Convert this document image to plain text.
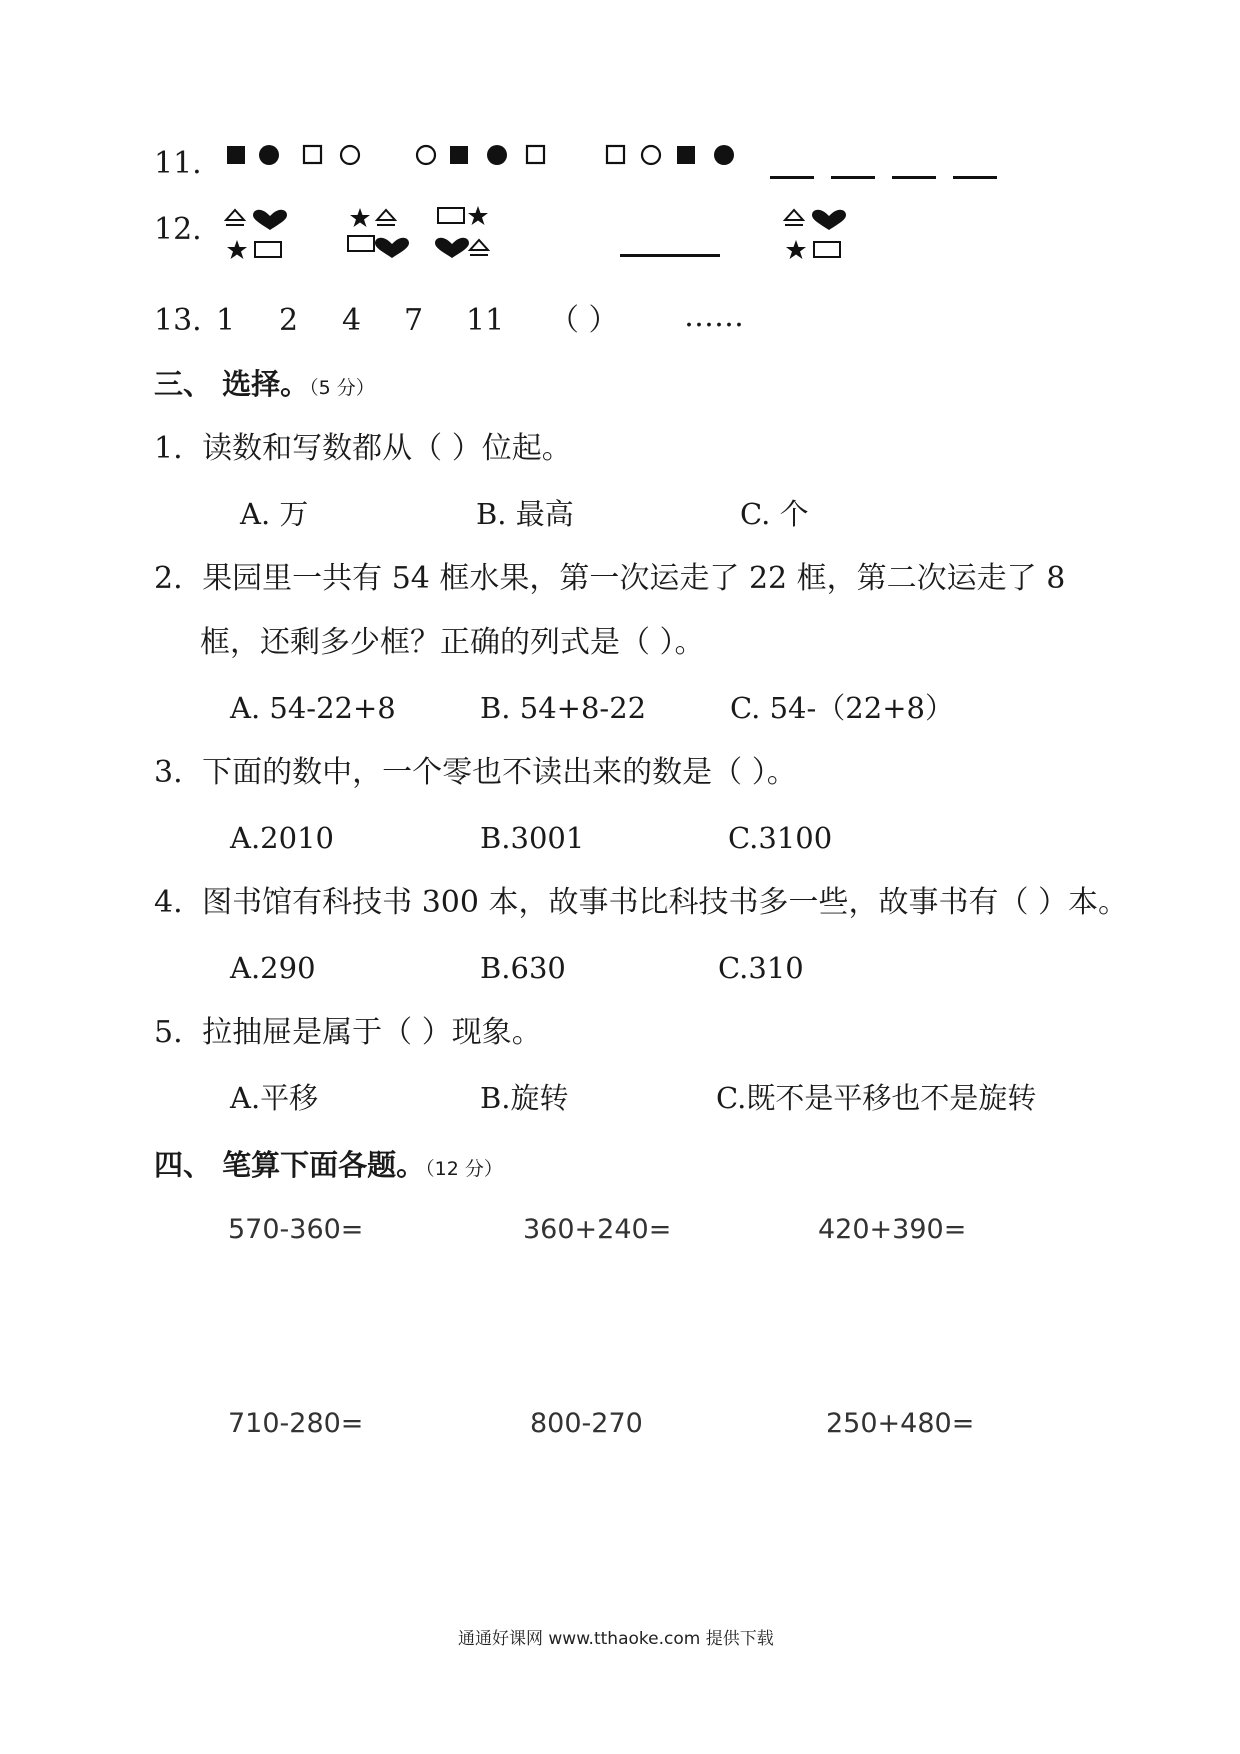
11.
12.
13. 1 2 4 7 11 （ ） ……
三、 选择。（5 分）
1. 读数和写数都从（ ）位起。
A. 万	B. 最高	C. 个
2. 果园里一共有 54 框水果，第一次运走了 22 框，第二次运走了 8
框，还剩多少框？正确的列式是（ ）。
A. 54-22+8	B. 54+8-22	C. 54-（22+8）
3. 下面的数中，一个零也不读出来的数是（ ）。
A.2010	B.3001	C.3100
4. 图书馆有科技书 300 本，故事书比科技书多一些，故事书有（ ）本。
A.290	B.630	C.310
5. 拉抽屉是属于（ ）现象。
A.平移	B.旋转	C.既不是平移也不是旋转
四、 笔算下面各题。（12 分）
570-360=	360+240=	420+390=
710-280=	800-270	250+480=
通通好课网 www.tthaoke.com 提供下载
